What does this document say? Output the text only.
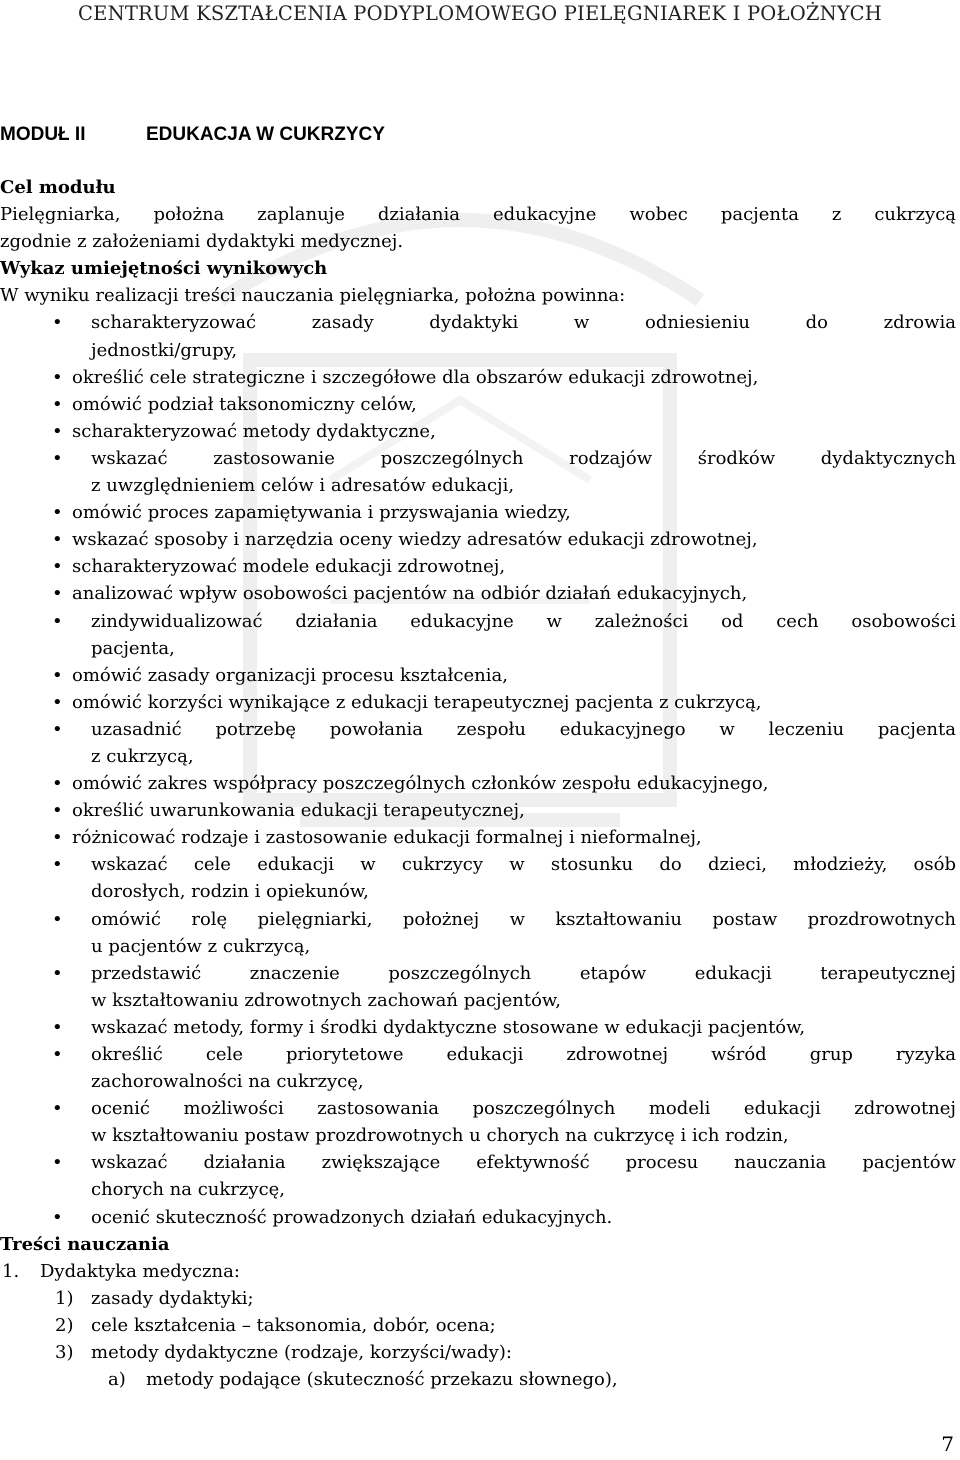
CENTRUM KSZTAŁCENIA PODYPLOMOWEGO PIELĘGNIAREK I POŁOŻNYCH
MODUŁ II	EDUKACJA W CUKRZYCY
Cel modułu
Pielęgniarka, położna zaplanuje działania edukacyjne wobec pacjenta z cukrzycą
zgodnie z założeniami dydaktyki medycznej.
Wykaz umiejętności wynikowych
W wyniku realizacji treści nauczania pielęgniarka, położna powinna:
• scharakteryzować zasady dydaktyki w odniesieniu do zdrowia
jednostki/grupy,
• określić cele strategiczne i szczegółowe dla obszarów edukacji zdrowotnej,
• omówić podział taksonomiczny celów,
• scharakteryzować metody dydaktyczne,
• wskazać zastosowanie poszczególnych rodzajów środków dydaktycznych
z uwzględnieniem celów i adresatów edukacji,
• omówić proces zapamiętywania i przyswajania wiedzy,
• wskazać sposoby i narzędzia oceny wiedzy adresatów edukacji zdrowotnej,
• scharakteryzować modele edukacji zdrowotnej,
• analizować wpływ osobowości pacjentów na odbiór działań edukacyjnych,
• zindywidualizować działania edukacyjne w zależności od cech osobowości
pacjenta,
• omówić zasady organizacji procesu kształcenia,
• omówić korzyści wynikające z edukacji terapeutycznej pacjenta z cukrzycą,
• uzasadnić potrzebę powołania zespołu edukacyjnego w leczeniu pacjenta
z cukrzycą,
• omówić zakres współpracy poszczególnych członków zespołu edukacyjnego,
• określić uwarunkowania edukacji terapeutycznej,
• różnicować rodzaje i zastosowanie edukacji formalnej i nieformalnej,
• wskazać cele edukacji w cukrzycy w stosunku do dzieci, młodzieży, osób
dorosłych, rodzin i opiekunów,
• omówić rolę pielęgniarki, położnej w kształtowaniu postaw prozdrowotnych
u pacjentów z cukrzycą,
• przedstawić znaczenie poszczególnych etapów edukacji terapeutycznej
w kształtowaniu zdrowotnych zachowań pacjentów,
• wskazać metody, formy i środki dydaktyczne stosowane w edukacji pacjentów,
• określić cele priorytetowe edukacji zdrowotnej wśród grup ryzyka
zachorowalności na cukrzycę,
• ocenić możliwości zastosowania poszczególnych modeli edukacji zdrowotnej
w kształtowaniu postaw prozdrowotnych u chorych na cukrzycę i ich rodzin,
• wskazać działania zwiększające efektywność procesu nauczania pacjentów
chorych na cukrzycę,
• ocenić skuteczność prowadzonych działań edukacyjnych.
Treści nauczania
1. Dydaktyka medyczna:
1) zasady dydaktyki;
2) cele kształcenia – taksonomia, dobór, ocena;
3) metody dydaktyczne (rodzaje, korzyści/wady):
a) metody podające (skuteczność przekazu słownego),
7
